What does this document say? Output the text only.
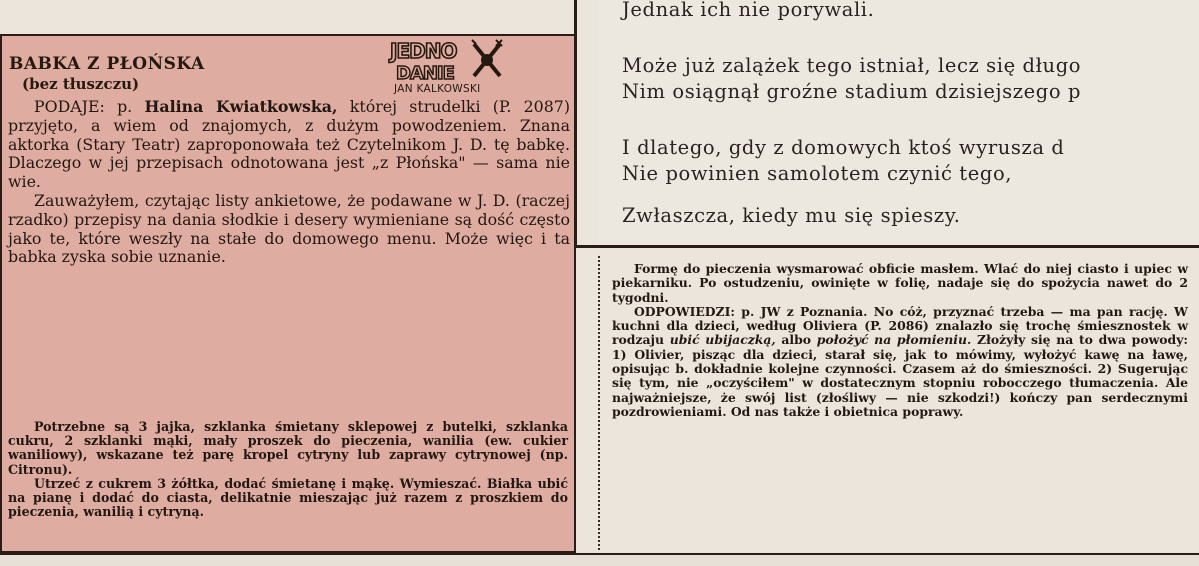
Jednak ich nie porywali.
Może już zalążek tego istniał, lecz się długo
Nim osiągnął groźne stadium dzisiejszego p
I dlatego, gdy z domowych ktoś wyrusza d
Nie powinien samolotem czynić tego,
Zwłaszcza, kiedy mu się spieszy.
BABKA Z PŁOŃSKA
(bez tłuszczu)
JEDNO
DANIE
JAN KALKOWSKI

PODAJE: p. Halina Kwiatkowska, której strudelki (P. 2087) przyjęto, a wiem od znajomych, z dużym powodzeniem. Znana aktorka (Stary Teatr) zaproponowała też Czytelnikom J. D. tę babkę. Dlaczego w jej przepisach odnotowana jest „z Płońska" — sama nie wie.

Zauważyłem, czytając listy ankietowe, że podawane w J. D. (raczej rzadko) przepisy na dania słodkie i desery wymieniane są dość często jako te, które weszły na stałe do domowego menu. Może więc i ta babka zyska sobie uznanie.

Potrzebne są 3 jajka, szklanka śmietany sklepowej z butelki, szklanka cukru, 2 szklanki mąki, mały proszek do pieczenia, wanilia (ew. cukier waniliowy), wskazane też parę kropel cytryny lub zaprawy cytrynowej (np. Citronu).

Utrzeć z cukrem 3 żółtka, dodać śmietanę i mąkę. Wymieszać. Białka ubić na pianę i dodać do ciasta, delikatnie mieszając już razem z proszkiem do pieczenia, wanilią i cytryną.

Formę do pieczenia wysmarować obficie masłem. Wlać do niej ciasto i upiec w piekarniku. Po ostudzeniu, owinięte w folię, nadaje się do spożycia nawet do 2 tygodni.

ODPOWIEDZI: p. JW z Poznania. No cóż, przyznać trzeba — ma pan rację. W kuchni dla dzieci, według Oliviera (P. 2086) znalazło się trochę śmiesznostek w rodzaju ubić ubijaczką, albo położyć na płomieniu. Złożyły się na to dwa powody: 1) Olivier, pisząc dla dzieci, starał się, jak to mówimy, wyłożyć kawę na ławę, opisując b. dokładnie kolejne czynności. Czasem aż do śmieszności. 2) Sugerując się tym, nie „oczyściłem" w dostatecznym stopniu robocczego tłumaczenia. Ale najważniejsze, że swój list (złośliwy — nie szkodzi!) kończy pan serdecznymi pozdrowieniami. Od nas także i obietnica poprawy.
